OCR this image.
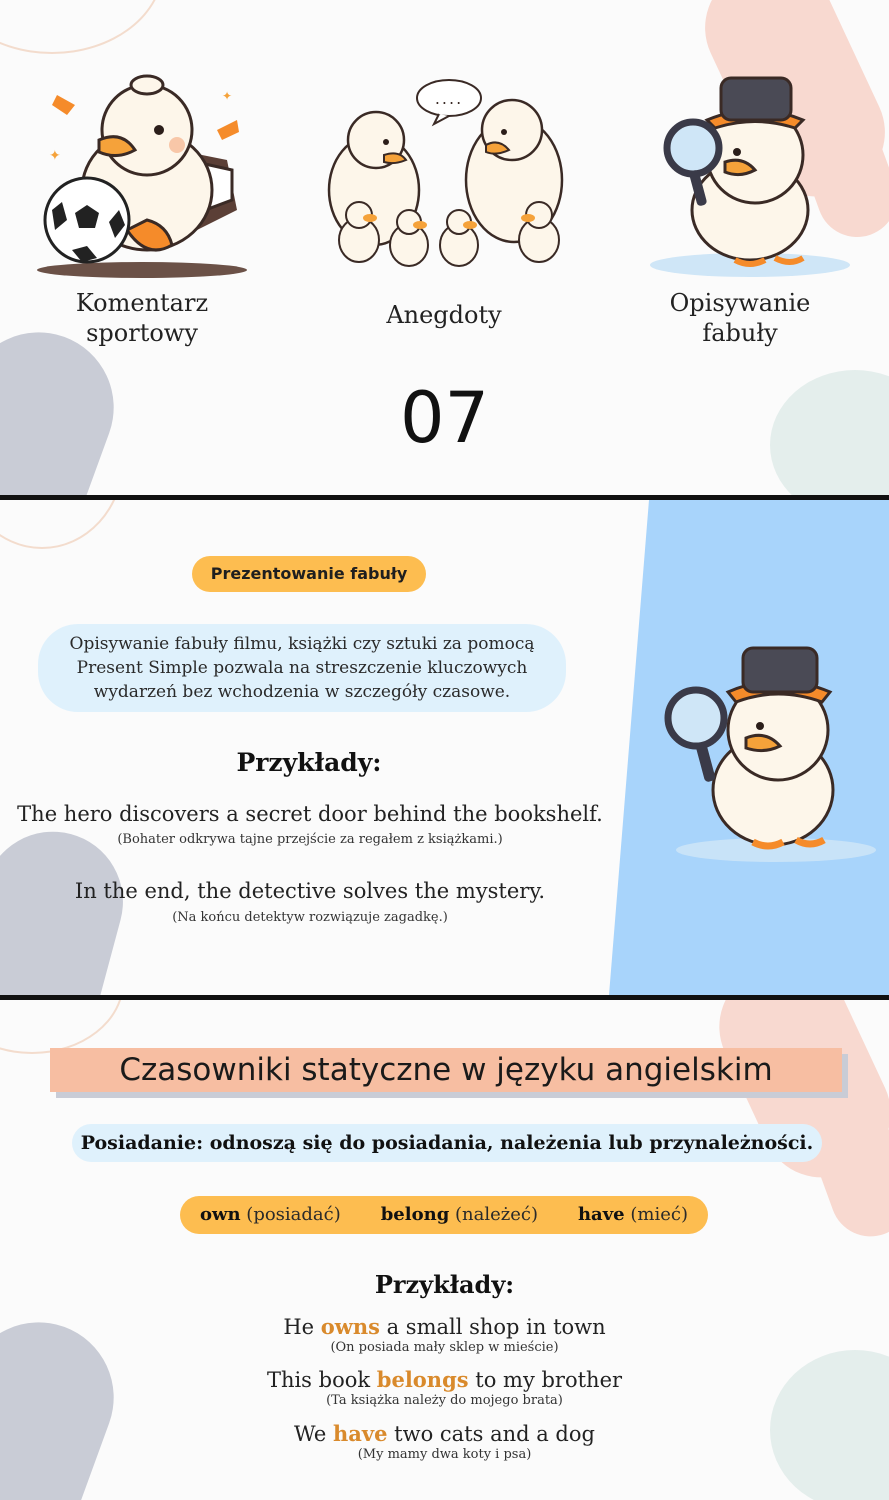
✦
✦
Komentarz
sportowy
....
Anegdoty	Opisywanie
fabuły
07
Prezentowanie fabuły
Opisywanie fabuły filmu, książki czy sztuki za pomocą
Present Simple pozwala na streszczenie kluczowych
wydarzeń bez wchodzenia w szczegóły czasowe.
Przykłady:
The hero discovers a secret door behind the bookshelf.
(Bohater odkrywa tajne przejście za regałem z książkami.)
In the end, the detective solves the mystery.
(Na końcu detektyw rozwiązuje zagadkę.)
Czasowniki statyczne w języku angielskim
Posiadanie: odnoszą się do posiadania, należenia lub przynależności.
own (posiadać) belong (należeć) have (mieć)
Przykłady:
He owns a small shop in town
(On posiada mały sklep w mieście)
This book belongs to my brother
(Ta książka należy do mojego brata)
We have two cats and a dog
(My mamy dwa koty i psa)
